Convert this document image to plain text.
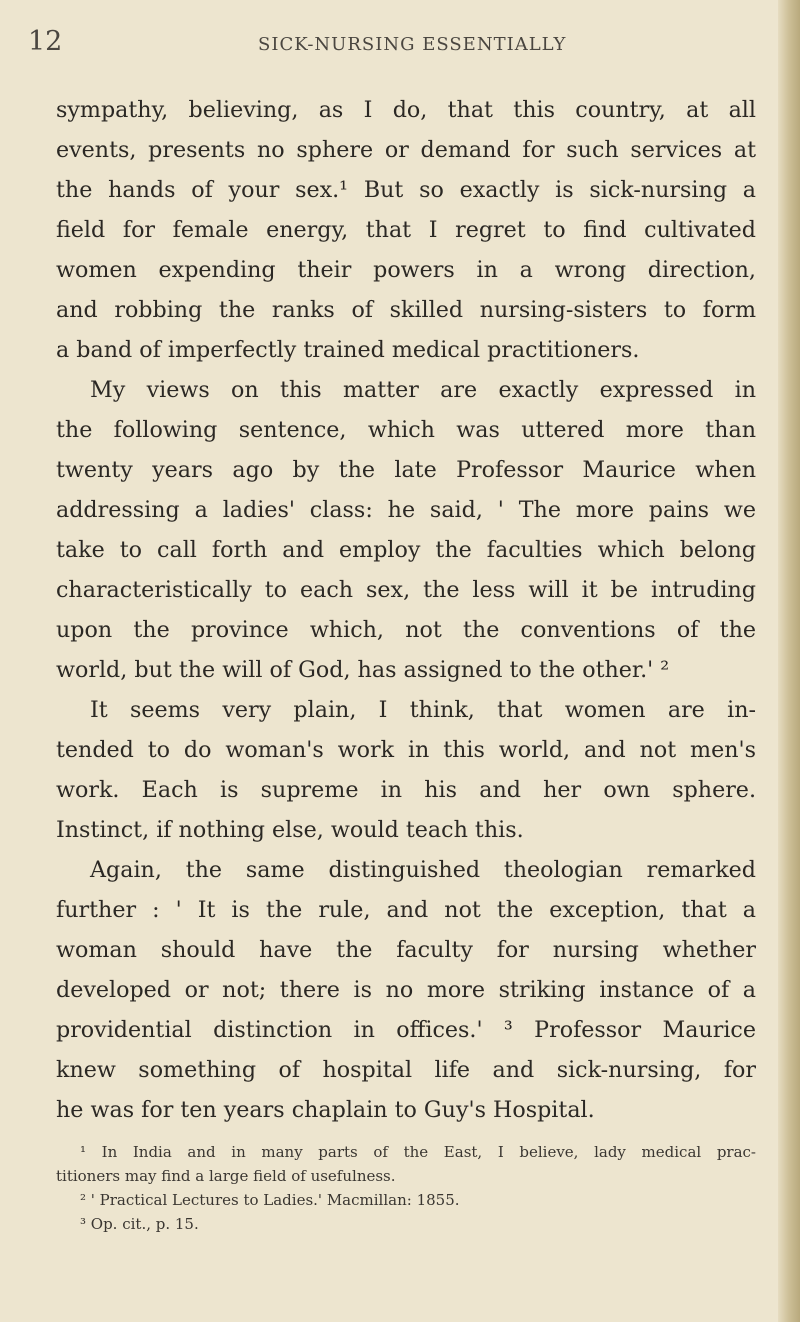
12	SICK-NURSING ESSENTIALLY
sympathy, believing, as I do, that this country, at all
events, presents no sphere or demand for such services at
the hands of your sex.¹ But so exactly is sick-nursing a
field for female energy, that I regret to find cultivated
women expending their powers in a wrong direction,
and robbing the ranks of skilled nursing-sisters to form
a band of imperfectly trained medical practitioners.
My views on this matter are exactly expressed in
the following sentence, which was uttered more than
twenty years ago by the late Professor Maurice when
addressing a ladies' class: he said, ' The more pains we
take to call forth and employ the faculties which belong
characteristically to each sex, the less will it be intruding
upon the province which, not the conventions of the
world, but the will of God, has assigned to the other.' ²
It seems very plain, I think, that women are in-
tended to do woman's work in this world, and not men's
work. Each is supreme in his and her own sphere.
Instinct, if nothing else, would teach this.
Again, the same distinguished theologian remarked
further : ' It is the rule, and not the exception, that a
woman should have the faculty for nursing whether
developed or not; there is no more striking instance of a
providential distinction in offices.' ³ Professor Maurice
knew something of hospital life and sick-nursing, for
he was for ten years chaplain to Guy's Hospital.
¹ In India and in many parts of the East, I believe, lady medical prac-
titioners may find a large field of usefulness.
² ' Practical Lectures to Ladies.' Macmillan: 1855.
³ Op. cit., p. 15.
